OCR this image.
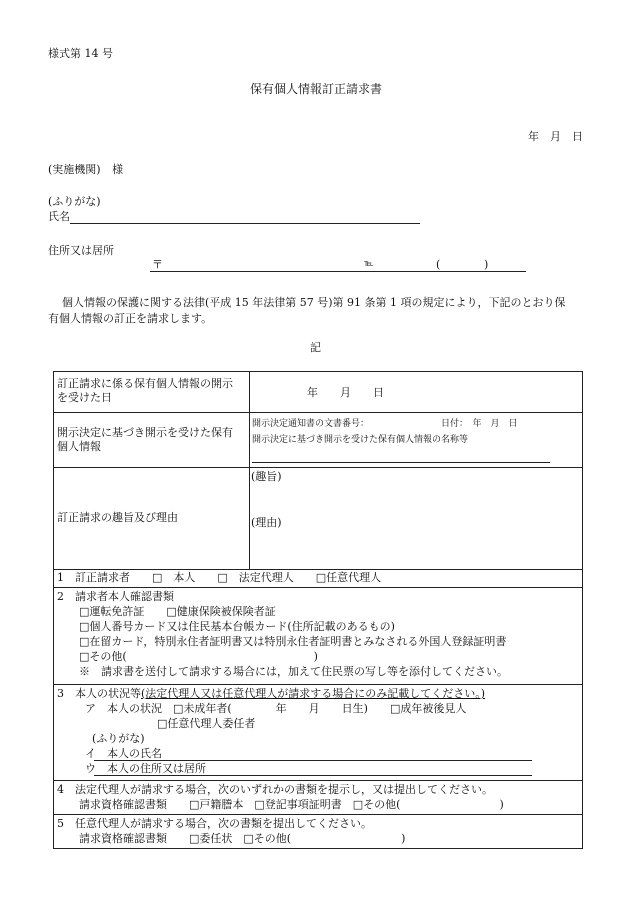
様式第 14 号
保有個人情報訂正請求書
年　月　日
(実施機関) 様
(ふりがな)
氏名
住所又は居所
〒	℡	(	)
個人情報の保護に関する法律(平成 15 年法律第 57 号)第 91 条第 1 項の規定により，下記のとおり保
有個人情報の訂正を請求します。
記
訂正請求に係る保有個人情報の開示
を受けた日	年　　月　　日
開示決定に基づき開示を受けた保有
個人情報
開示決定通知書の文書番号：	日付：　年　月　日
開示決定に基づき開示を受けた保有個人情報の名称等
訂正請求の趣旨及び理由
(趣旨)
(理由)
1　訂正請求者　　□　本人　　□　法定代理人　　□任意代理人
2　請求者本人確認書類
□運転免許証　　□健康保険被保険者証
□個人番号カード又は住民基本台帳カード(住所記載のあるもの)
□在留カード，特別永住者証明書又は特別永住者証明書とみなされる外国人登録証明書
□その他(　　　　　　　　　　　　　　　　　)
※　請求書を送付して請求する場合には，加えて住民票の写し等を添付してください。
3　本人の状況等(法定代理人又は任意代理人が請求する場合にのみ記載してください。)
ア　本人の状況　□未成年者(　　　　年　　月　　日生)　　□成年被後見人
□任意代理人委任者
(ふりがな)
イ　本人の氏名
ウ　本人の住所又は居所
4　法定代理人が請求する場合，次のいずれかの書類を提示し，又は提出してください。
請求資格確認書類　　□戸籍謄本　□登記事項証明書　□その他(　　　　　　　　　)
5　任意代理人が請求する場合，次の書類を提出してください。
請求資格確認書類　　□委任状　□その他(　　　　　　　　　　)
